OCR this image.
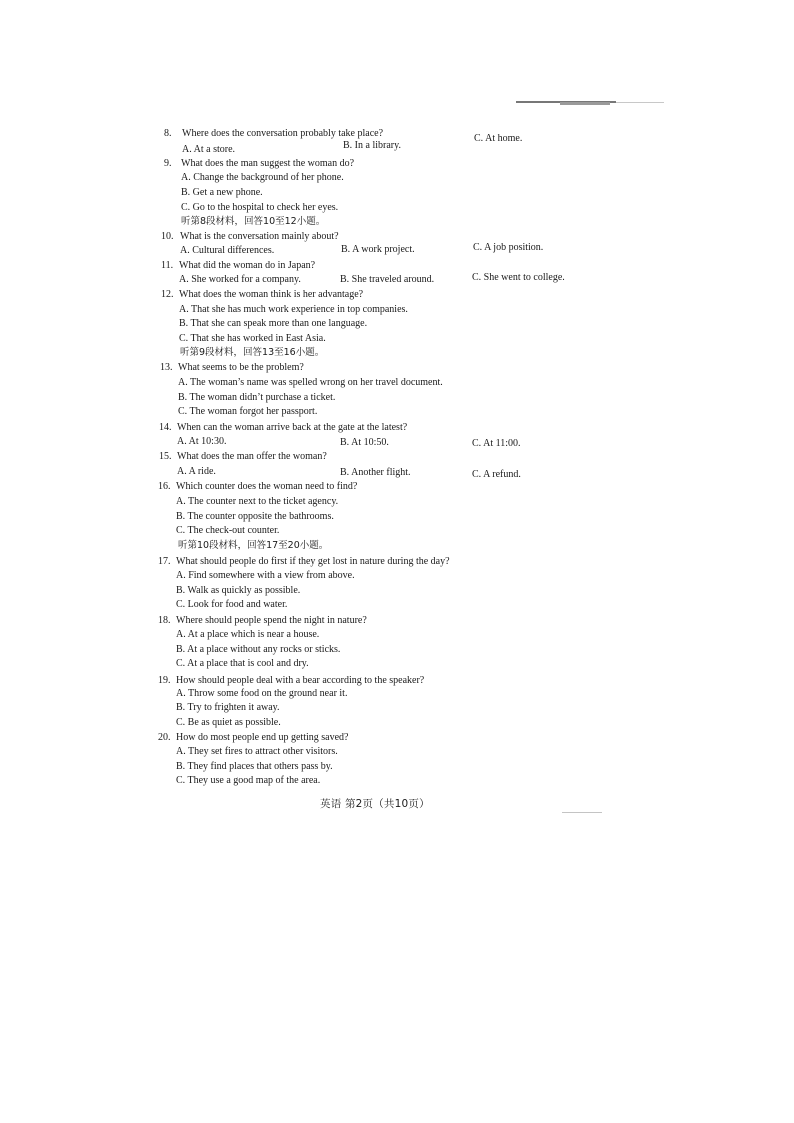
8. Where does the conversation probably take place?
A. At a store.	B. In a library.
C. At home.
9. What does the man suggest the woman do?
A. Change the background of her phone.
B. Get a new phone.
C. Go to the hospital to check her eyes.
听第8段材料，回答10至12小题。
10. What is the conversation mainly about?
A. Cultural differences.	B. A work project.	C. A job position.
11. What did the woman do in Japan?
A. She worked for a company.	B. She traveled around.	C. She went to college.
12. What does the woman think is her advantage?
A. That she has much work experience in top companies.
B. That she can speak more than one language.
C. That she has worked in East Asia.
听第9段材料，回答13至16小题。
13. What seems to be the problem?
A. The woman’s name was spelled wrong on her travel document.
B. The woman didn’t purchase a ticket.
C. The woman forgot her passport.
14. When can the woman arrive back at the gate at the latest?
A. At 10:30.	B. At 10:50.	C. At 11:00.
15. What does the man offer the woman?
A. A ride.	B. Another flight.	C. A refund.
16. Which counter does the woman need to find?
A. The counter next to the ticket agency.
B. The counter opposite the bathrooms.
C. The check-out counter.
听第10段材料，回答17至20小题。
17. What should people do first if they get lost in nature during the day?
A. Find somewhere with a view from above.
B. Walk as quickly as possible.
C. Look for food and water.
18. Where should people spend the night in nature?
A. At a place which is near a house.
B. At a place without any rocks or sticks.
C. At a place that is cool and dry.
19. How should people deal with a bear according to the speaker?
A. Throw some food on the ground near it.
B. Try to frighten it away.
C. Be as quiet as possible.
20. How do most people end up getting saved?
A. They set fires to attract other visitors.
B. They find places that others pass by.
C. They use a good map of the area.
英语 第2页（共10页）
